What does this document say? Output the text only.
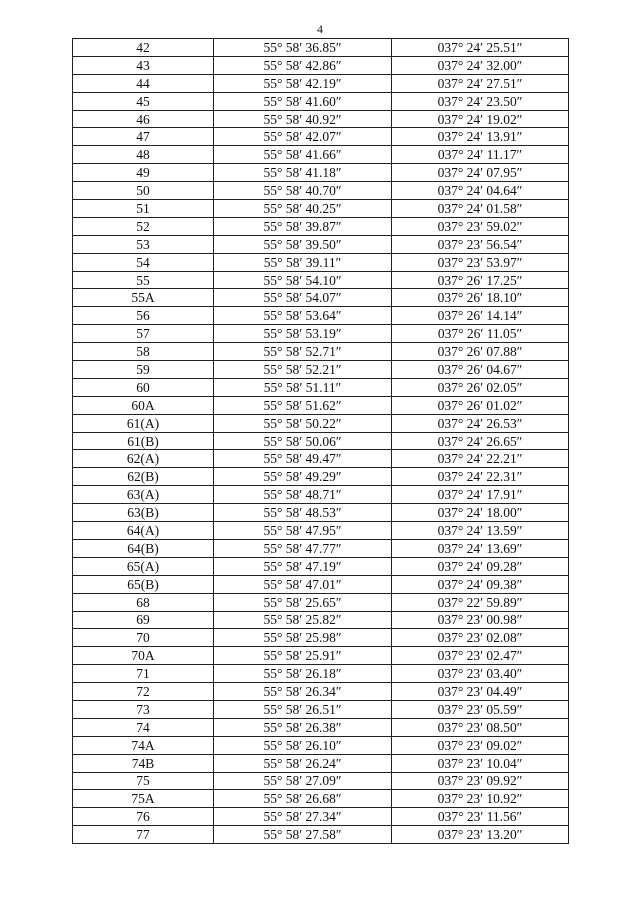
4
42	55° 58′ 36.85″	037° 24′ 25.51″
43	55° 58′ 42.86″	037° 24′ 32.00″
44	55° 58′ 42.19″	037° 24′ 27.51″
45	55° 58′ 41.60″	037° 24′ 23.50″
46	55° 58′ 40.92″	037° 24′ 19.02″
47	55° 58′ 42.07″	037° 24′ 13.91″
48	55° 58′ 41.66″	037° 24′ 11.17″
49	55° 58′ 41.18″	037° 24′ 07.95″
50	55° 58′ 40.70″	037° 24′ 04.64″
51	55° 58′ 40.25″	037° 24′ 01.58″
52	55° 58′ 39.87″	037° 23′ 59.02″
53	55° 58′ 39.50″	037° 23′ 56.54″
54	55° 58′ 39.11″	037° 23′ 53.97″
55	55° 58′ 54.10″	037° 26′ 17.25″
55A	55° 58′ 54.07″	037° 26′ 18.10″
56	55° 58′ 53.64″	037° 26′ 14.14″
57	55° 58′ 53.19″	037° 26′ 11.05″
58	55° 58′ 52.71″	037° 26′ 07.88″
59	55° 58′ 52.21″	037° 26′ 04.67″
60	55° 58′ 51.11″	037° 26′ 02.05″
60A	55° 58′ 51.62″	037° 26′ 01.02″
61(A)	55° 58′ 50.22″	037° 24′ 26.53″
61(B)	55° 58′ 50.06″	037° 24′ 26.65″
62(A)	55° 58′ 49.47″	037° 24′ 22.21″
62(B)	55° 58′ 49.29″	037° 24′ 22.31″
63(A)	55° 58′ 48.71″	037° 24′ 17.91″
63(B)	55° 58′ 48.53″	037° 24′ 18.00″
64(A)	55° 58′ 47.95″	037° 24′ 13.59″
64(B)	55° 58′ 47.77″	037° 24′ 13.69″
65(A)	55° 58′ 47.19″	037° 24′ 09.28″
65(B)	55° 58′ 47.01″	037° 24′ 09.38″
68	55° 58′ 25.65″	037° 22′ 59.89″
69	55° 58′ 25.82″	037° 23′ 00.98″
70	55° 58′ 25.98″	037° 23′ 02.08″
70A	55° 58′ 25.91″	037° 23′ 02.47″
71	55° 58′ 26.18″	037° 23′ 03.40″
72	55° 58′ 26.34″	037° 23′ 04.49″
73	55° 58′ 26.51″	037° 23′ 05.59″
74	55° 58′ 26.38″	037° 23′ 08.50″
74A	55° 58′ 26.10″	037° 23′ 09.02″
74B	55° 58′ 26.24″	037° 23′ 10.04″
75	55° 58′ 27.09″	037° 23′ 09.92″
75A	55° 58′ 26.68″	037° 23′ 10.92″
76	55° 58′ 27.34″	037° 23′ 11.56″
77	55° 58′ 27.58″	037° 23′ 13.20″
